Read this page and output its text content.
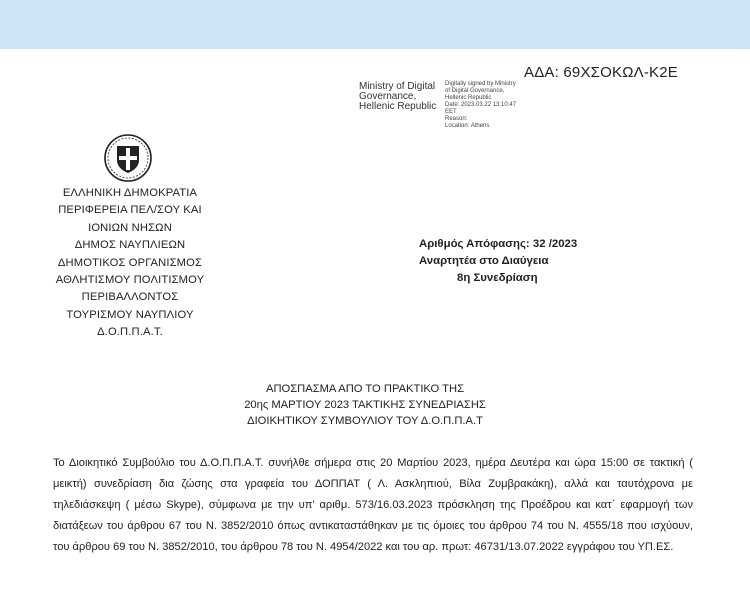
ΑΔΑ: 69ΧΣΟΚΩΛ-Κ2Ε
Ministry of Digital
Governance,
Hellenic Republic
Digitally signed by Ministry
of Digital Governance,
Hellenic Republic
Date: 2023.03.22 13:10:47
EET
Reason:
Location: Athens
ΕΛΛΗΝΙΚΗ ΔΗΜΟΚΡΑΤΙΑ
ΠΕΡΙΦΕΡΕΙΑ ΠΕΛ/ΣΟΥ ΚΑΙ
ΙΟΝΙΩΝ ΝΗΣΩΝ
ΔΗΜΟΣ ΝΑΥΠΛΙΕΩΝ
ΔΗΜΟΤΙΚΟΣ ΟΡΓΑΝΙΣΜΟΣ
ΑΘΛΗΤΙΣΜΟΥ ΠΟΛΙΤΙΣΜΟΥ
ΠΕΡΙΒΑΛΛΟΝΤΟΣ
ΤΟΥΡΙΣΜΟΥ ΝΑΥΠΛΙΟΥ
Δ.Ο.Π.Π.Α.Τ.
Αριθμός Απόφασης: 32 /2023
Αναρτητέα στο Διαύγεια
8η Συνεδρίαση
ΑΠΟΣΠΑΣΜΑ ΑΠΟ ΤΟ ΠΡΑΚΤΙΚΟ ΤΗΣ
20ης ΜΑΡΤΙΟΥ 2023 ΤΑΚΤΙΚΗΣ ΣΥΝΕΔΡΙΑΣΗΣ
ΔΙΟΙΚΗΤΙΚΟΥ ΣΥΜΒΟΥΛΙΟΥ ΤΟΥ Δ.Ο.Π.Π.Α.Τ
Το Διοικητικό Συμβούλιο του Δ.Ο.Π.Π.Α.Τ. συνήλθε σήμερα στις 20 Μαρτίου 2023, ημέρα Δευτέρα και ώρα 15:00 σε τακτική ( μεικτή) συνεδρίαση δια ζώσης στα γραφεία του ΔΟΠΠΑΤ ( Λ. Ασκληπιού, Βίλα Ζυμβρακάκη), αλλά και ταυτόχρονα με τηλεδιάσκεψη ( μέσω Skype), σύμφωνα με την υπ’ αριθμ. 573/16.03.2023 πρόσκληση της Προέδρου και κατ΄ εφαρμογή των διατάξεων του άρθρου 67 του Ν. 3852/2010 όπως αντικαταστάθηκαν με τις όμοιες του άρθρου 74 του Ν. 4555/18 που ισχύουν, του άρθρου 69 του Ν. 3852/2010, του άρθρου 78 του Ν. 4954/2022 και του αρ. πρωτ: 46731/13.07.2022 εγγράφου του ΥΠ.ΕΣ.
